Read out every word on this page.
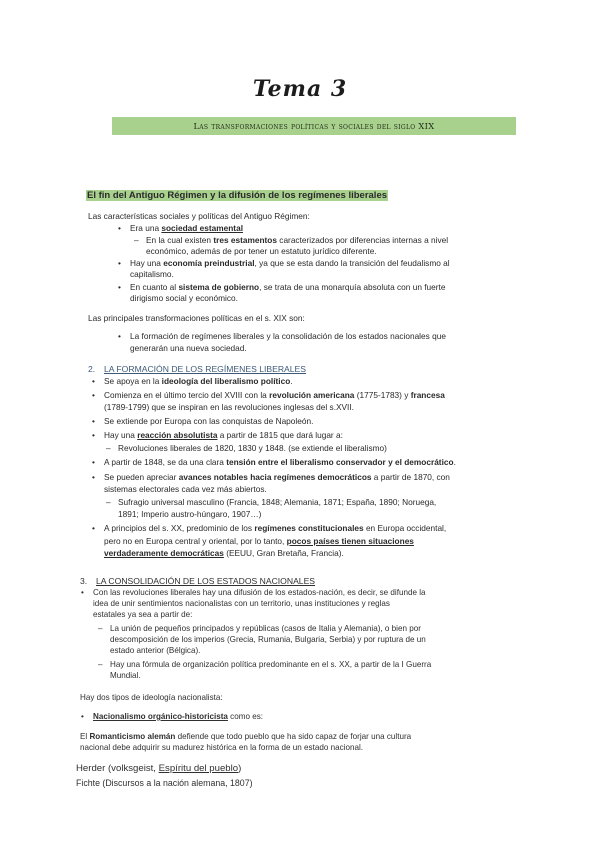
Tema 3
Las transformaciones políticas y sociales del siglo XIX
El fin del Antiguo Régimen y la difusión de los regímenes liberales
Las características sociales y políticas del Antiguo Régimen:
• Era una sociedad estamental
– En la cual existen tres estamentos caracterizados por diferencias internas a nivel
económico, además de por tener un estatuto jurídico diferente.
• Hay una economía preindustrial, ya que se esta dando la transición del feudalismo al
capitalismo.
• En cuanto al sistema de gobierno, se trata de una monarquía absoluta con un fuerte
dirigismo social y económico.
Las principales transformaciones políticas en el s. XIX son:
• La formación de regímenes liberales y la consolidación de los estados nacionales que
generarán una nueva sociedad.
2. LA FORMACIÓN DE LOS REGÍMENES LIBERALES
• Se apoya en la ideología del liberalismo político.
• Comienza en el último tercio del XVIII con la revolución americana (1775-1783) y francesa
(1789-1799) que se inspiran en las revoluciones inglesas del s.XVII.
• Se extiende por Europa con las conquistas de Napoleón.
• Hay una reacción absolutista a partir de 1815 que dará lugar a:
– Revoluciones liberales de 1820, 1830 y 1848. (se extiende el liberalismo)
• A partir de 1848, se da una clara tensión entre el liberalismo conservador y el democrático.
• Se pueden apreciar avances notables hacia regímenes democráticos a partir de 1870, con
sistemas electorales cada vez más abiertos.
– Sufragio universal masculino (Francia, 1848; Alemania, 1871; España, 1890; Noruega,
1891; Imperio austro-húngaro, 1907…)
• A principios del s. XX, predominio de los regímenes constitucionales en Europa occidental,
pero no en Europa central y oriental, por lo tanto, pocos países tienen situaciones
verdaderamente democráticas (EEUU, Gran Bretaña, Francia).
3. LA CONSOLIDACIÓN DE LOS ESTADOS NACIONALES
• Con las revoluciones liberales hay una difusión de los estados-nación, es decir, se difunde la
idea de unir sentimientos nacionalistas con un territorio, unas instituciones y reglas
estatales ya sea a partir de:
– La unión de pequeños principados y repúblicas (casos de Italia y Alemania), o bien por
descomposición de los imperios (Grecia, Rumania, Bulgaria, Serbia) y por ruptura de un
estado anterior (Bélgica).
– Hay una fórmula de organización política predominante en el s. XX, a partir de la I Guerra
Mundial.
Hay dos tipos de ideología nacionalista:
• Nacionalismo orgánico-historicista como es:
El Romanticismo alemán defiende que todo pueblo que ha sido capaz de forjar una cultura
nacional debe adquirir su madurez histórica en la forma de un estado nacional.
Herder (volksgeist, Espíritu del pueblo)
Fichte (Discursos a la nación alemana, 1807)
